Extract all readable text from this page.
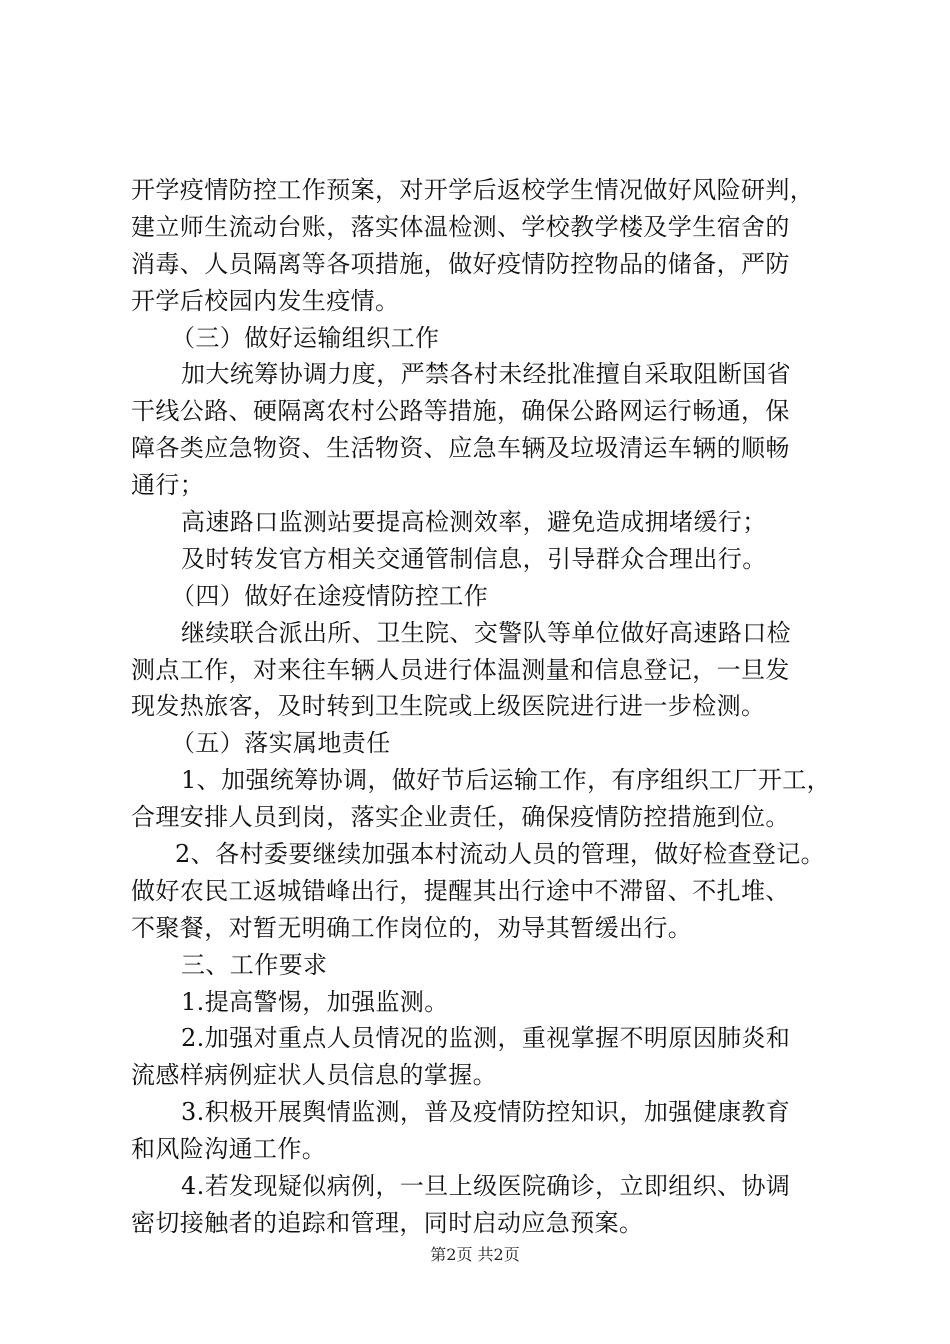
开学疫情防控工作预案，对开学后返校学生情况做好风险研判，
建立师生流动台账，落实体温检测、学校教学楼及学生宿舍的
消毒、人员隔离等各项措施，做好疫情防控物品的储备，严防
开学后校园内发生疫情。
（三）做好运输组织工作
加大统筹协调力度，严禁各村未经批准擅自采取阻断国省
干线公路、硬隔离农村公路等措施，确保公路网运行畅通，保
障各类应急物资、生活物资、应急车辆及垃圾清运车辆的顺畅
通行；
高速路口监测站要提高检测效率，避免造成拥堵缓行；
及时转发官方相关交通管制信息，引导群众合理出行。
（四）做好在途疫情防控工作
继续联合派出所、卫生院、交警队等单位做好高速路口检
测点工作，对来往车辆人员进行体温测量和信息登记，一旦发
现发热旅客，及时转到卫生院或上级医院进行进一步检测。
（五）落实属地责任
1、加强统筹协调，做好节后运输工作，有序组织工厂开工，
合理安排人员到岗，落实企业责任，确保疫情防控措施到位。
2、各村委要继续加强本村流动人员的管理，做好检查登记。
做好农民工返城错峰出行，提醒其出行途中不滞留、不扎堆、
不聚餐，对暂无明确工作岗位的，劝导其暂缓出行。
三、工作要求
1.提高警惕，加强监测。
2.加强对重点人员情况的监测，重视掌握不明原因肺炎和
流感样病例症状人员信息的掌握。
3.积极开展舆情监测，普及疫情防控知识，加强健康教育
和风险沟通工作。
4.若发现疑似病例，一旦上级医院确诊，立即组织、协调
密切接触者的追踪和管理，同时启动应急预案。
第2页 共2页
